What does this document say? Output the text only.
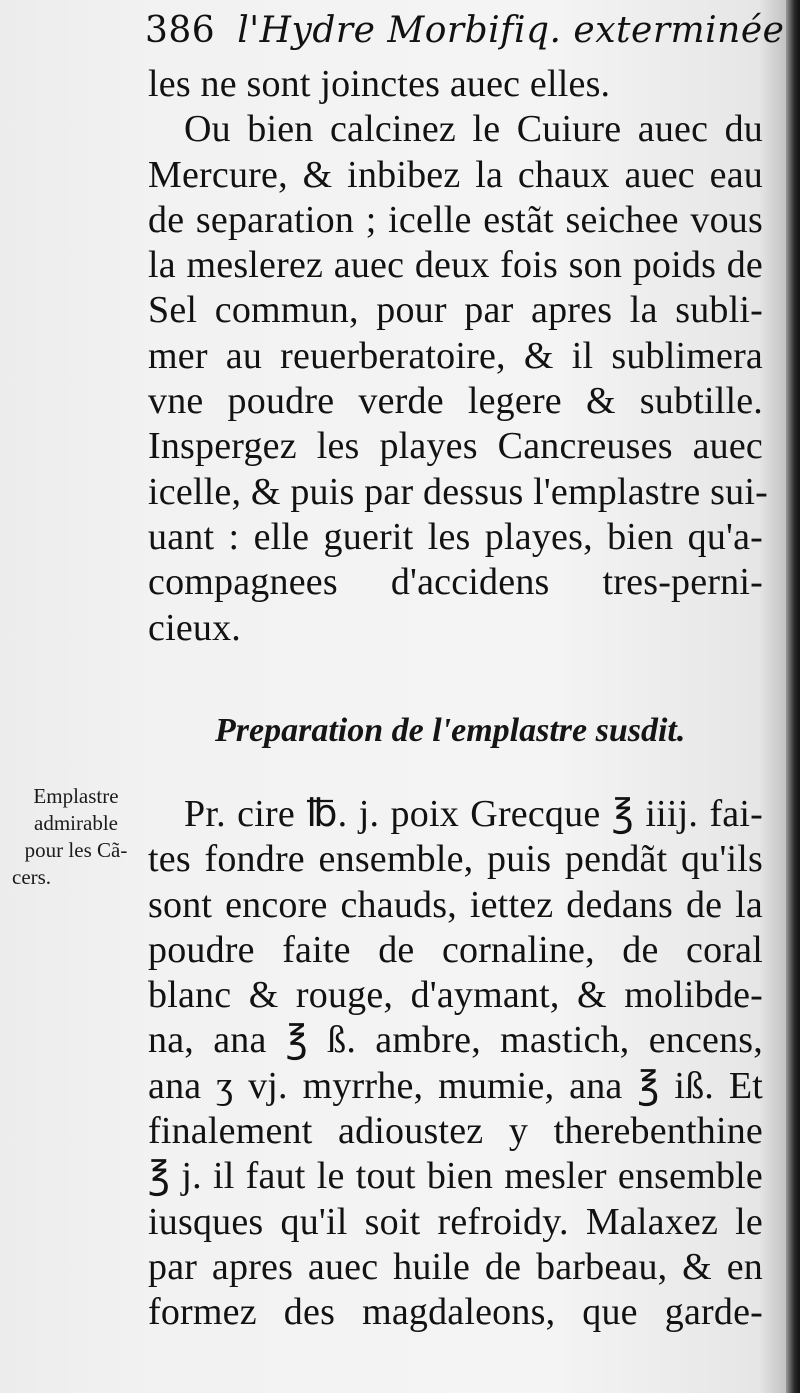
386 l'Hydre Morbifiq. exterminée
les ne sont joinctes auec elles.
Ou bien calcinez le Cuiure auec du
Mercure, & inbibez la chaux auec eau
de separation ; icelle estãt seichee vous
la meslerez auec deux fois son poids de
Sel commun, pour par apres la subli-
mer au reuerberatoire, & il sublimera
vne poudre verde legere & subtille.
Inspergez les playes Cancreuses auec
icelle, & puis par dessus l'emplastre sui-
uant : elle guerit les playes, bien qu'a-
compagnees d'accidens tres-perni-
cieux.
Preparation de l'emplastre susdit.
Emplastre
admirable
pour les Cã-
cers.
Pr. cire ℔. j. poix Grecque ℥ iiij. fai-
tes fondre ensemble, puis pendãt qu'ils
sont encore chauds, iettez dedans de la
poudre faite de cornaline, de coral
blanc & rouge, d'aymant, & molibde-
na, ana ℥ ß. ambre, mastich, encens,
ana ʒ vj. myrrhe, mumie, ana ℥ iß. Et
finalement adioustez y therebenthine
℥ j. il faut le tout bien mesler ensemble
iusques qu'il soit refroidy. Malaxez le
par apres auec huile de barbeau, & en
formez des magdaleons, que garde-
